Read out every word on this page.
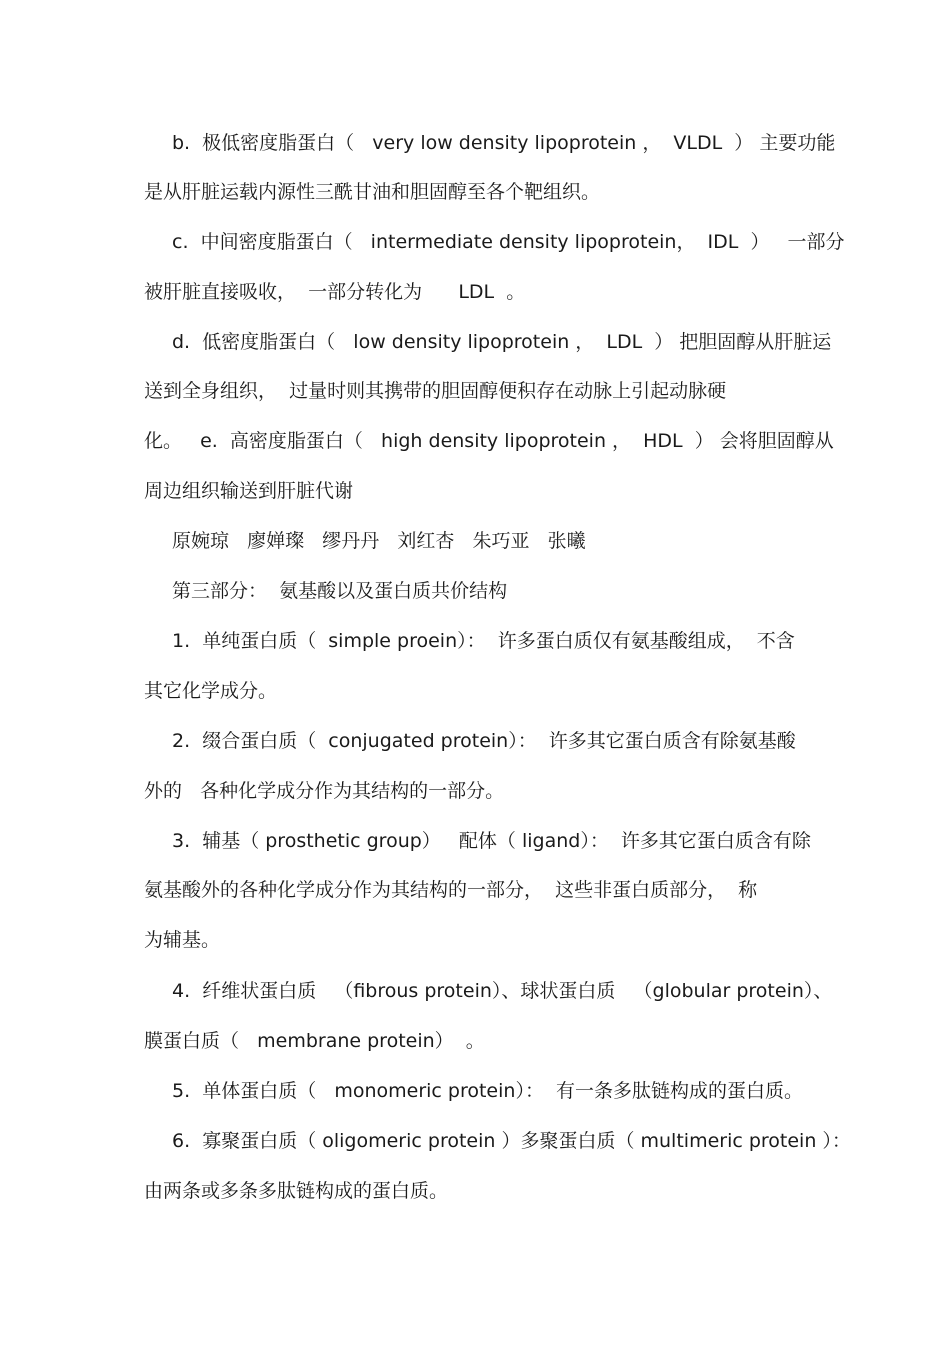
b.  极低密度脂蛋白（   very low density lipoprotein ，  VLDL  ） 主要功能
是从肝脏运载内源性三酰甘油和胆固醇至各个靶组织。
c.  中间密度脂蛋白（   intermediate density lipoprotein，  IDL  ）   一部分
被肝脏直接吸收，  一部分转化为      LDL  。
d.  低密度脂蛋白（   low density lipoprotein ，  LDL  ） 把胆固醇从肝脏运
送到全身组织，  过量时则其携带的胆固醇便积存在动脉上引起动脉硬
化。   e.  高密度脂蛋白（   high density lipoprotein ，  HDL  ） 会将胆固醇从
周边组织输送到肝脏代谢
原婉琼   廖婵璨   缪丹丹   刘红杏   朱巧亚   张曦
第三部分：  氨基酸以及蛋白质共价结构
1.  单纯蛋白质（  simple proein）：  许多蛋白质仅有氨基酸组成，  不含
其它化学成分。
2.  缀合蛋白质（  conjugated protein）：  许多其它蛋白质含有除氨基酸
外的   各种化学成分作为其结构的一部分。
3.  辅基（ prosthetic group）   配体（ ligand）：  许多其它蛋白质含有除
氨基酸外的各种化学成分作为其结构的一部分，  这些非蛋白质部分，  称
为辅基。
4.  纤维状蛋白质   （fibrous protein）、球状蛋白质   （globular protein）、
膜蛋白质（   membrane protein）  。
5.  单体蛋白质（   monomeric protein）：  有一条多肽链构成的蛋白质。
6.  寡聚蛋白质（ oligomeric protein ）多聚蛋白质（ multimeric protein ）：
由两条或多条多肽链构成的蛋白质。
